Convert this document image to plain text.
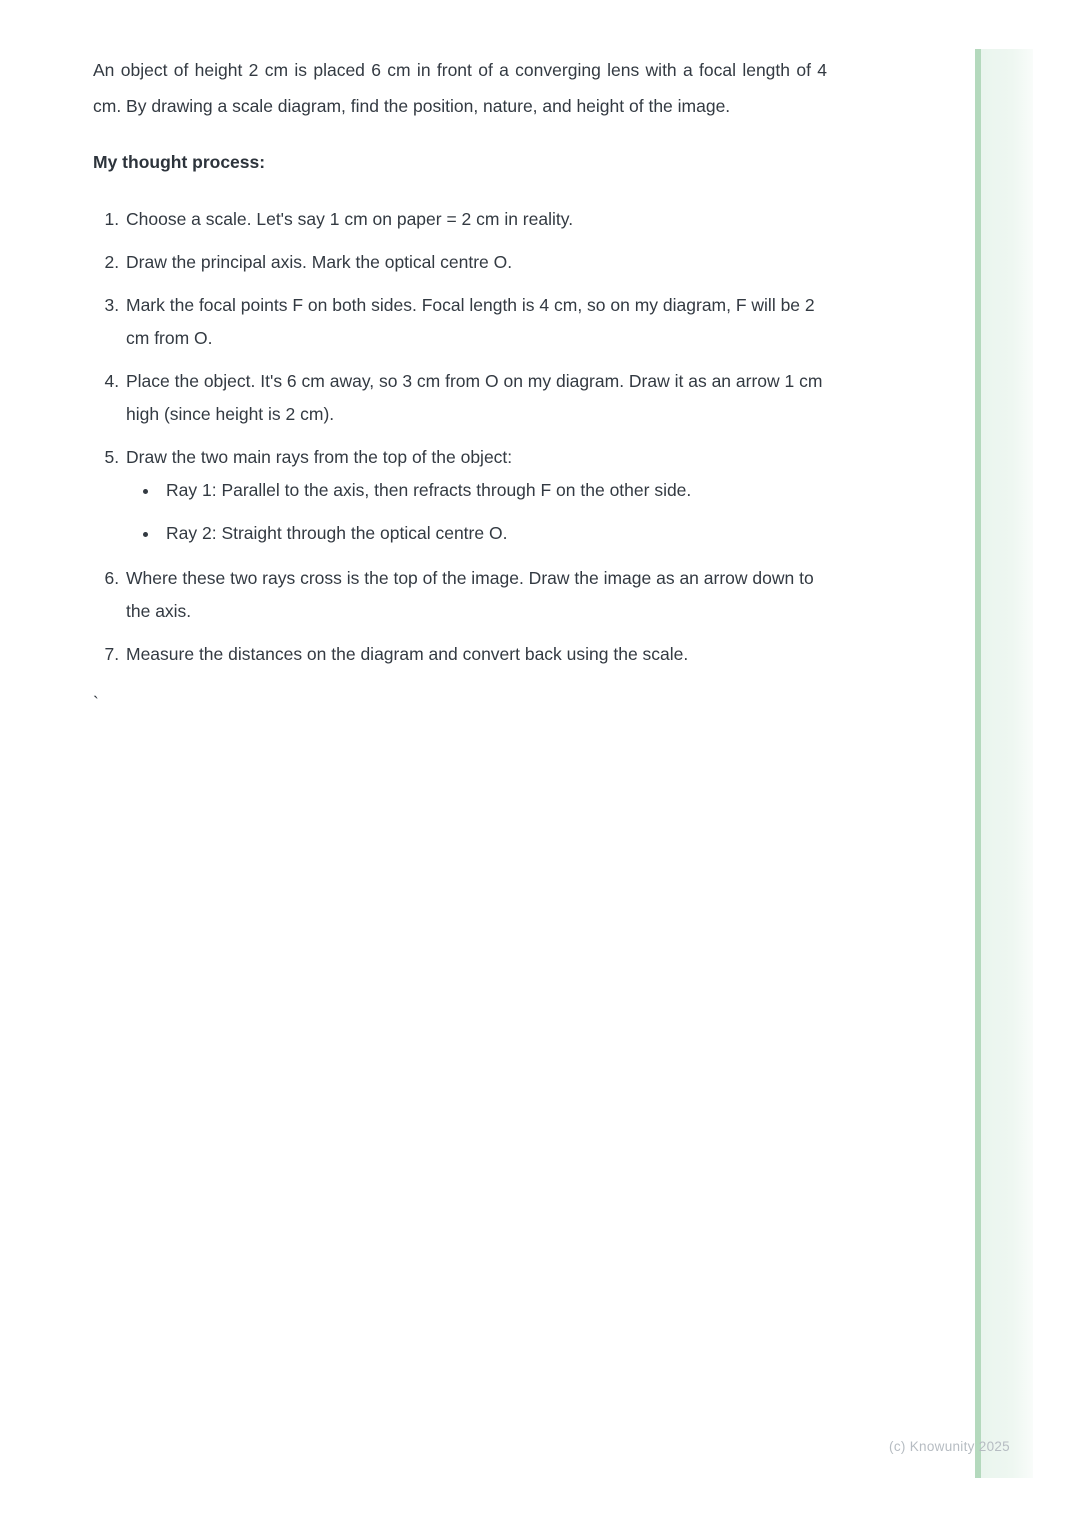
An object of height 2 cm is placed 6 cm in front of a converging lens with a focal length of 4 cm. By drawing a scale diagram, find the position, nature, and height of the image.

My thought process:
1. Choose a scale. Let's say 1 cm on paper = 2 cm in reality.
2. Draw the principal axis. Mark the optical centre O.
3. Mark the focal points F on both sides. Focal length is 4 cm, so on my diagram, F will be 2 cm from O.
4. Place the object. It's 6 cm away, so 3 cm from O on my diagram. Draw it as an arrow 1 cm high (since height is 2 cm).
5. Draw the two main rays from the top of the object:
• Ray 1: Parallel to the axis, then refracts through F on the other side.
• Ray 2: Straight through the optical centre O.
6. Where these two rays cross is the top of the image. Draw the image as an arrow down to the axis.
7. Measure the distances on the diagram and convert back using the scale.

`

(c) Knowunity 2025
